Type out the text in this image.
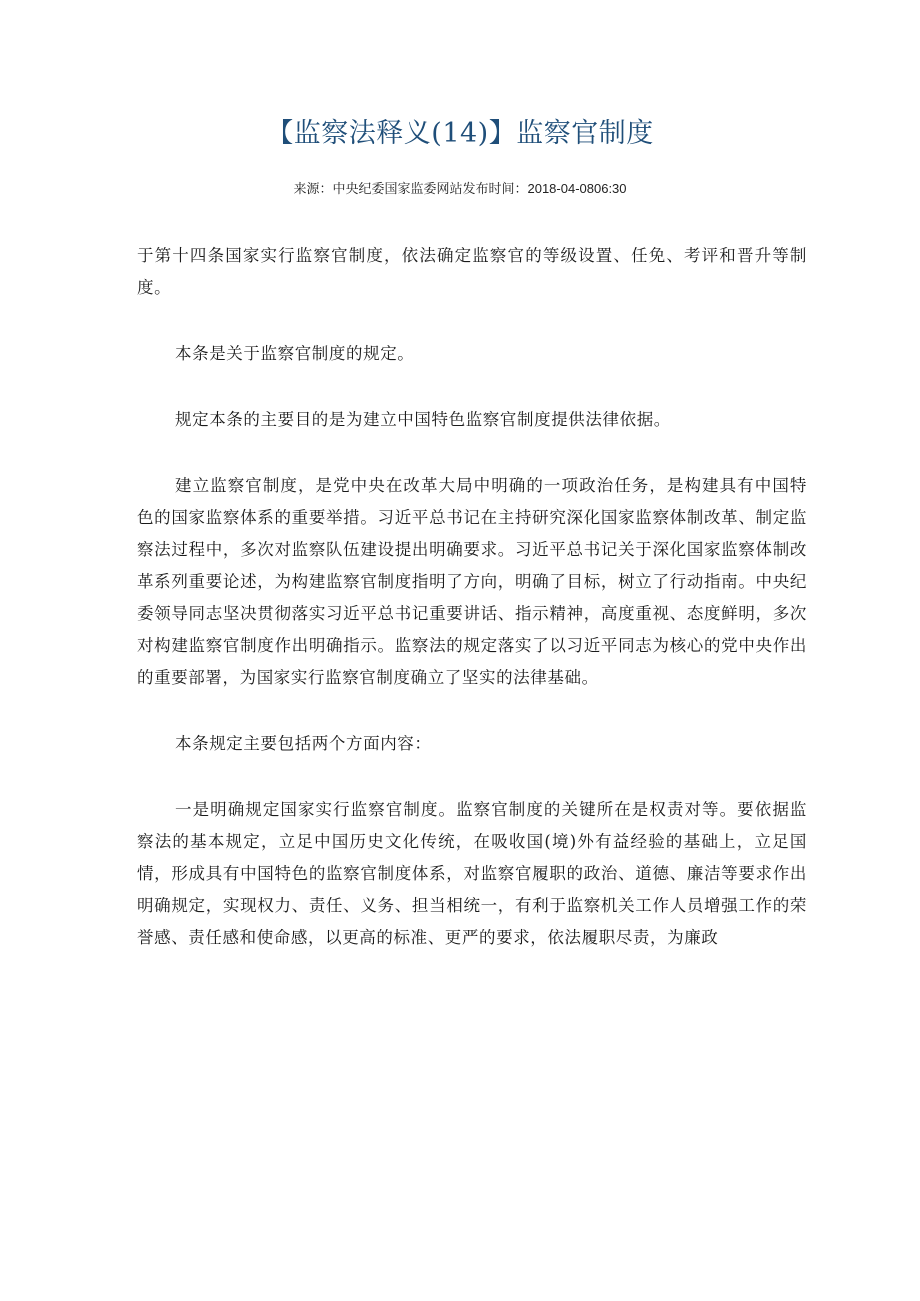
【监察法释义(14)】监察官制度
来源：中央纪委国家监委网站发布时间：2018-04-0806:30

于第十四条国家实行监察官制度，依法确定监察官的等级设置、任免、考评和晋升等制度。

本条是关于监察官制度的规定。

规定本条的主要目的是为建立中国特色监察官制度提供法律依据。

建立监察官制度，是党中央在改革大局中明确的一项政治任务，是构建具有中国特色的国家监察体系的重要举措。习近平总书记在主持研究深化国家监察体制改革、制定监察法过程中，多次对监察队伍建设提出明确要求。习近平总书记关于深化国家监察体制改革系列重要论述，为构建监察官制度指明了方向，明确了目标，树立了行动指南。中央纪委领导同志坚决贯彻落实习近平总书记重要讲话、指示精神，高度重视、态度鲜明，多次对构建监察官制度作出明确指示。监察法的规定落实了以习近平同志为核心的党中央作出的重要部署，为国家实行监察官制度确立了坚实的法律基础。

本条规定主要包括两个方面内容：

一是明确规定国家实行监察官制度。监察官制度的关键所在是权责对等。要依据监察法的基本规定，立足中国历史文化传统，在吸收国(境)外有益经验的基础上，立足国情，形成具有中国特色的监察官制度体系，对监察官履职的政治、道德、廉洁等要求作出明确规定，实现权力、责任、义务、担当相统一，有利于监察机关工作人员增强工作的荣誉感、责任感和使命感，以更高的标准、更严的要求，依法履职尽责，为廉政
